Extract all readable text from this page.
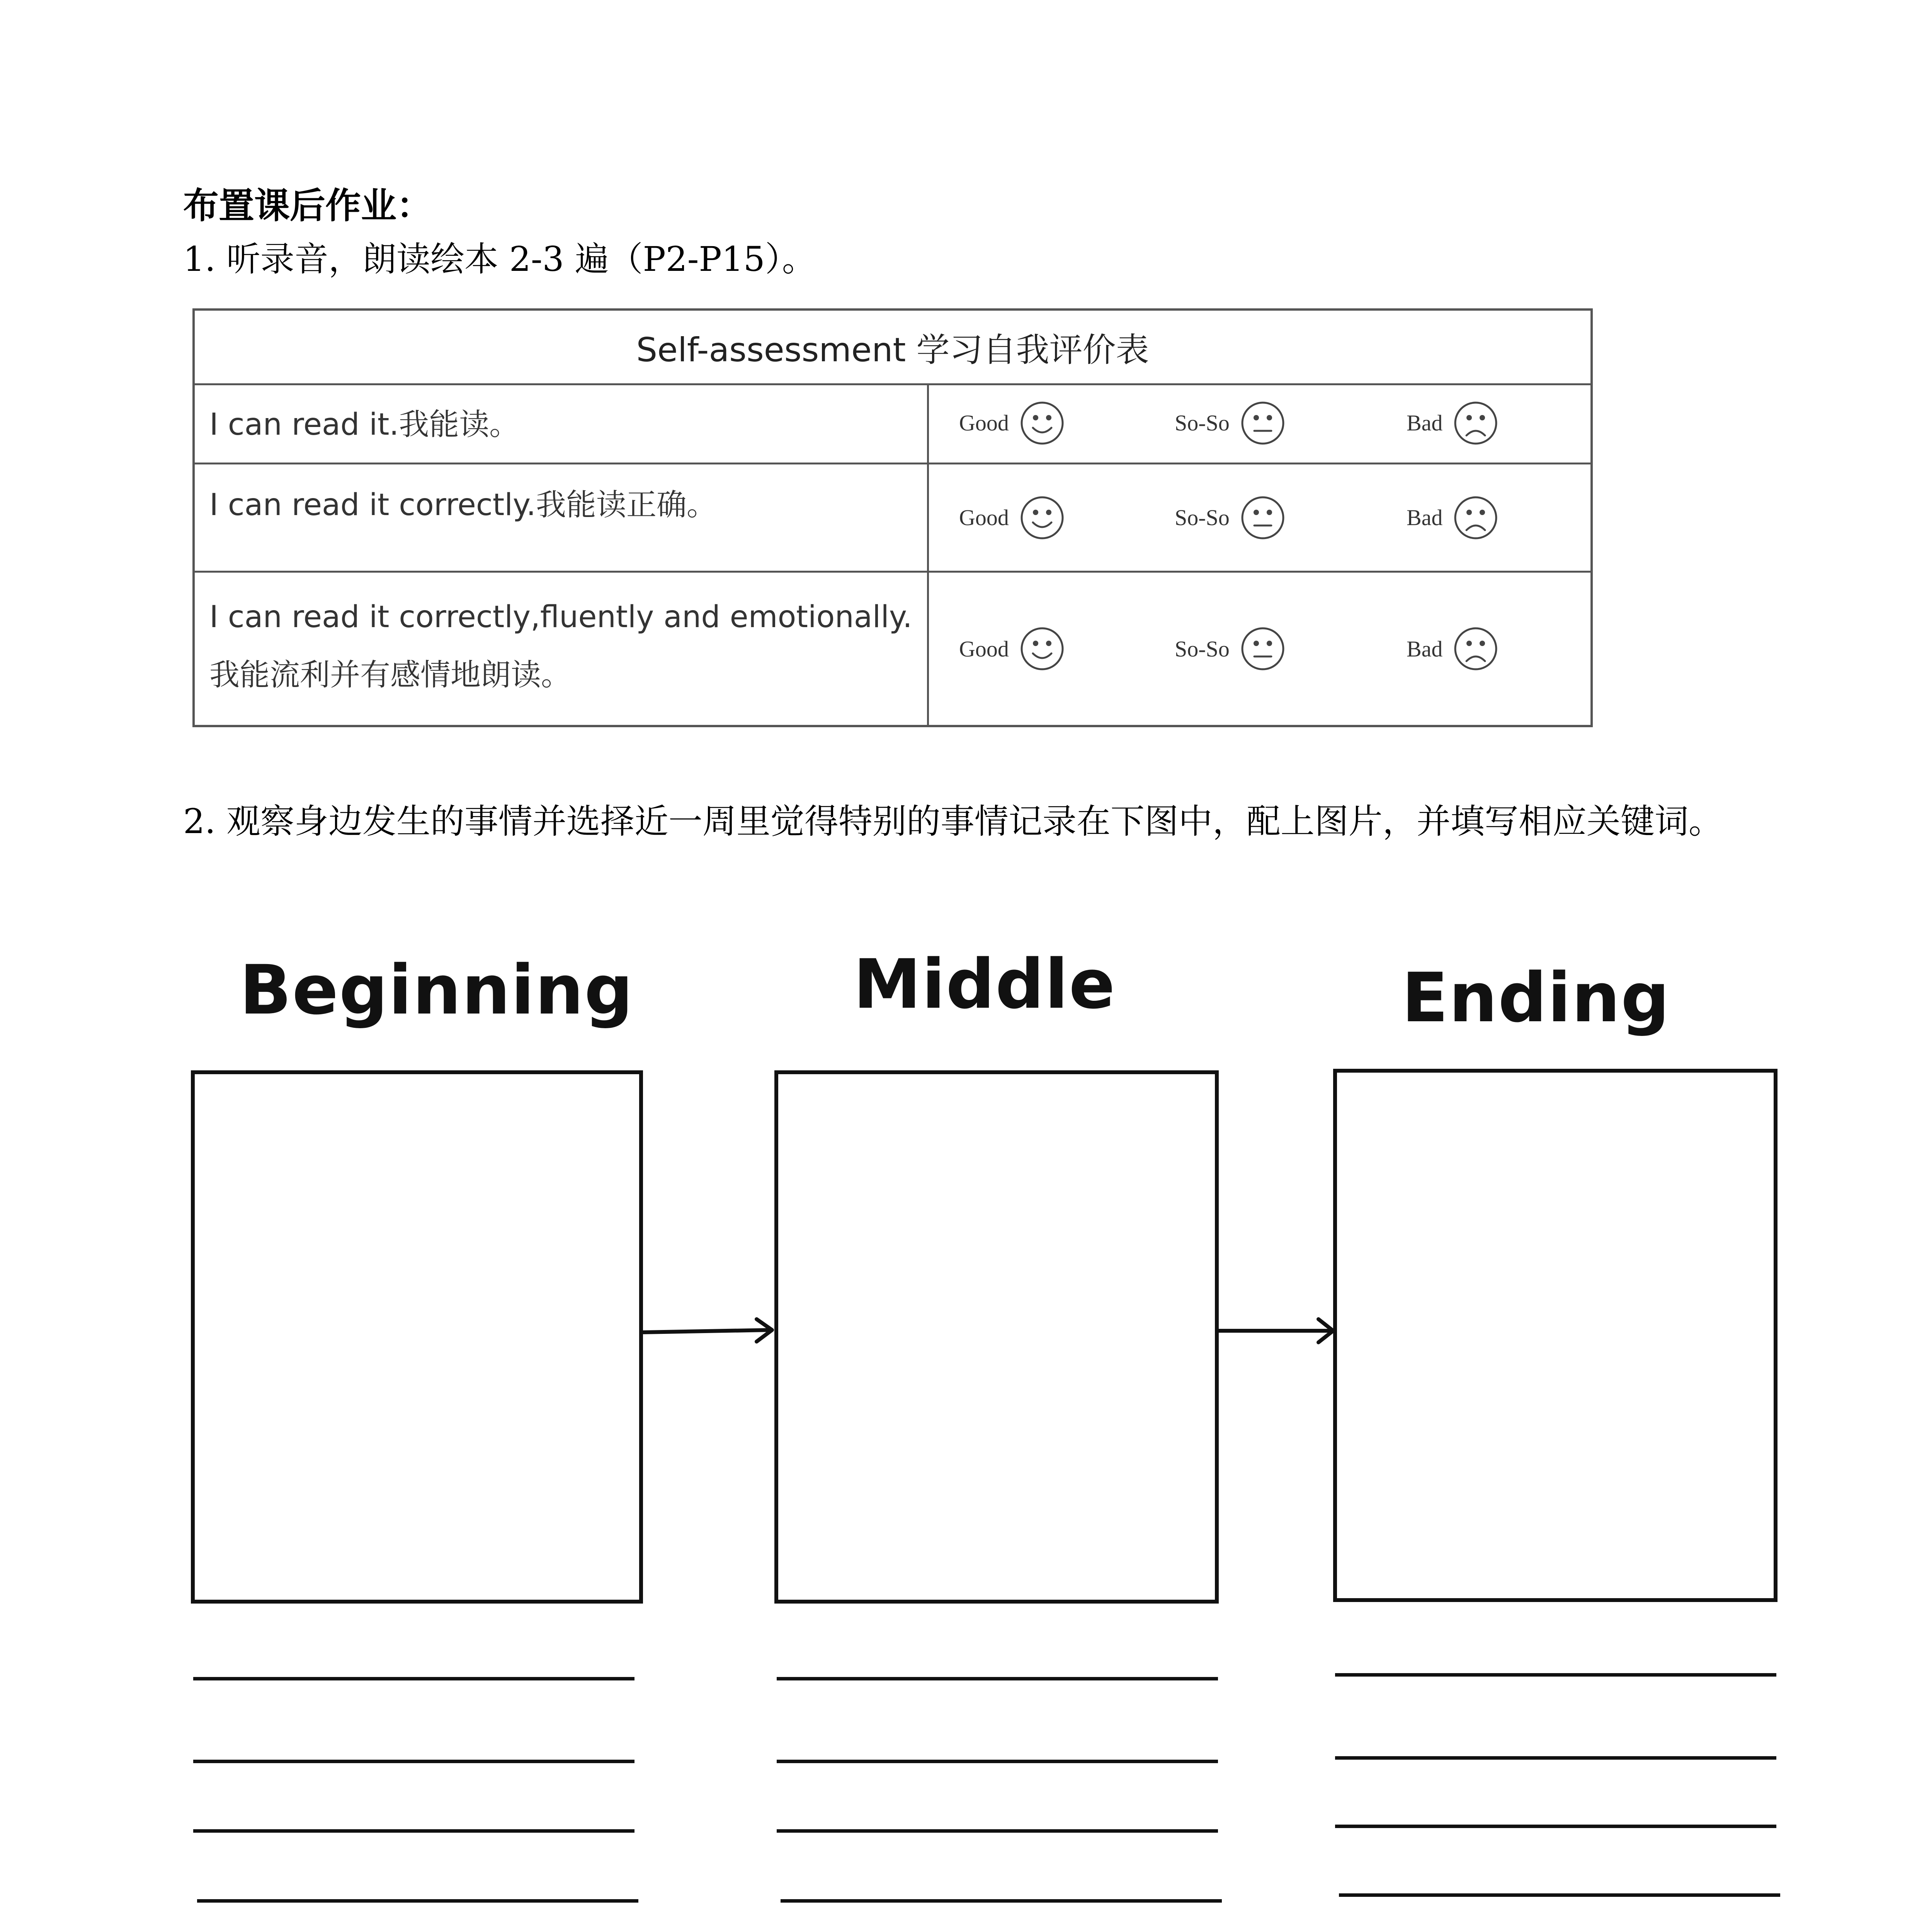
布置课后作业：
1. 听录音，朗读绘本 2-3 遍（P2-P15）。
Self-assessment 学习自我评价表
I can read it.我能读。	Good	So-So	Bad
I can read it correctly.我能读正确。	Good	So-So	Bad
I can read it correctly,fluently and emotionally.
我能流利并有感情地朗读。
Good	So-So	Bad
2. 观察身边发生的事情并选择近一周里觉得特别的事情记录在下图中，配上图片，并填写相应关键词。
Beginning	Middle	Ending
